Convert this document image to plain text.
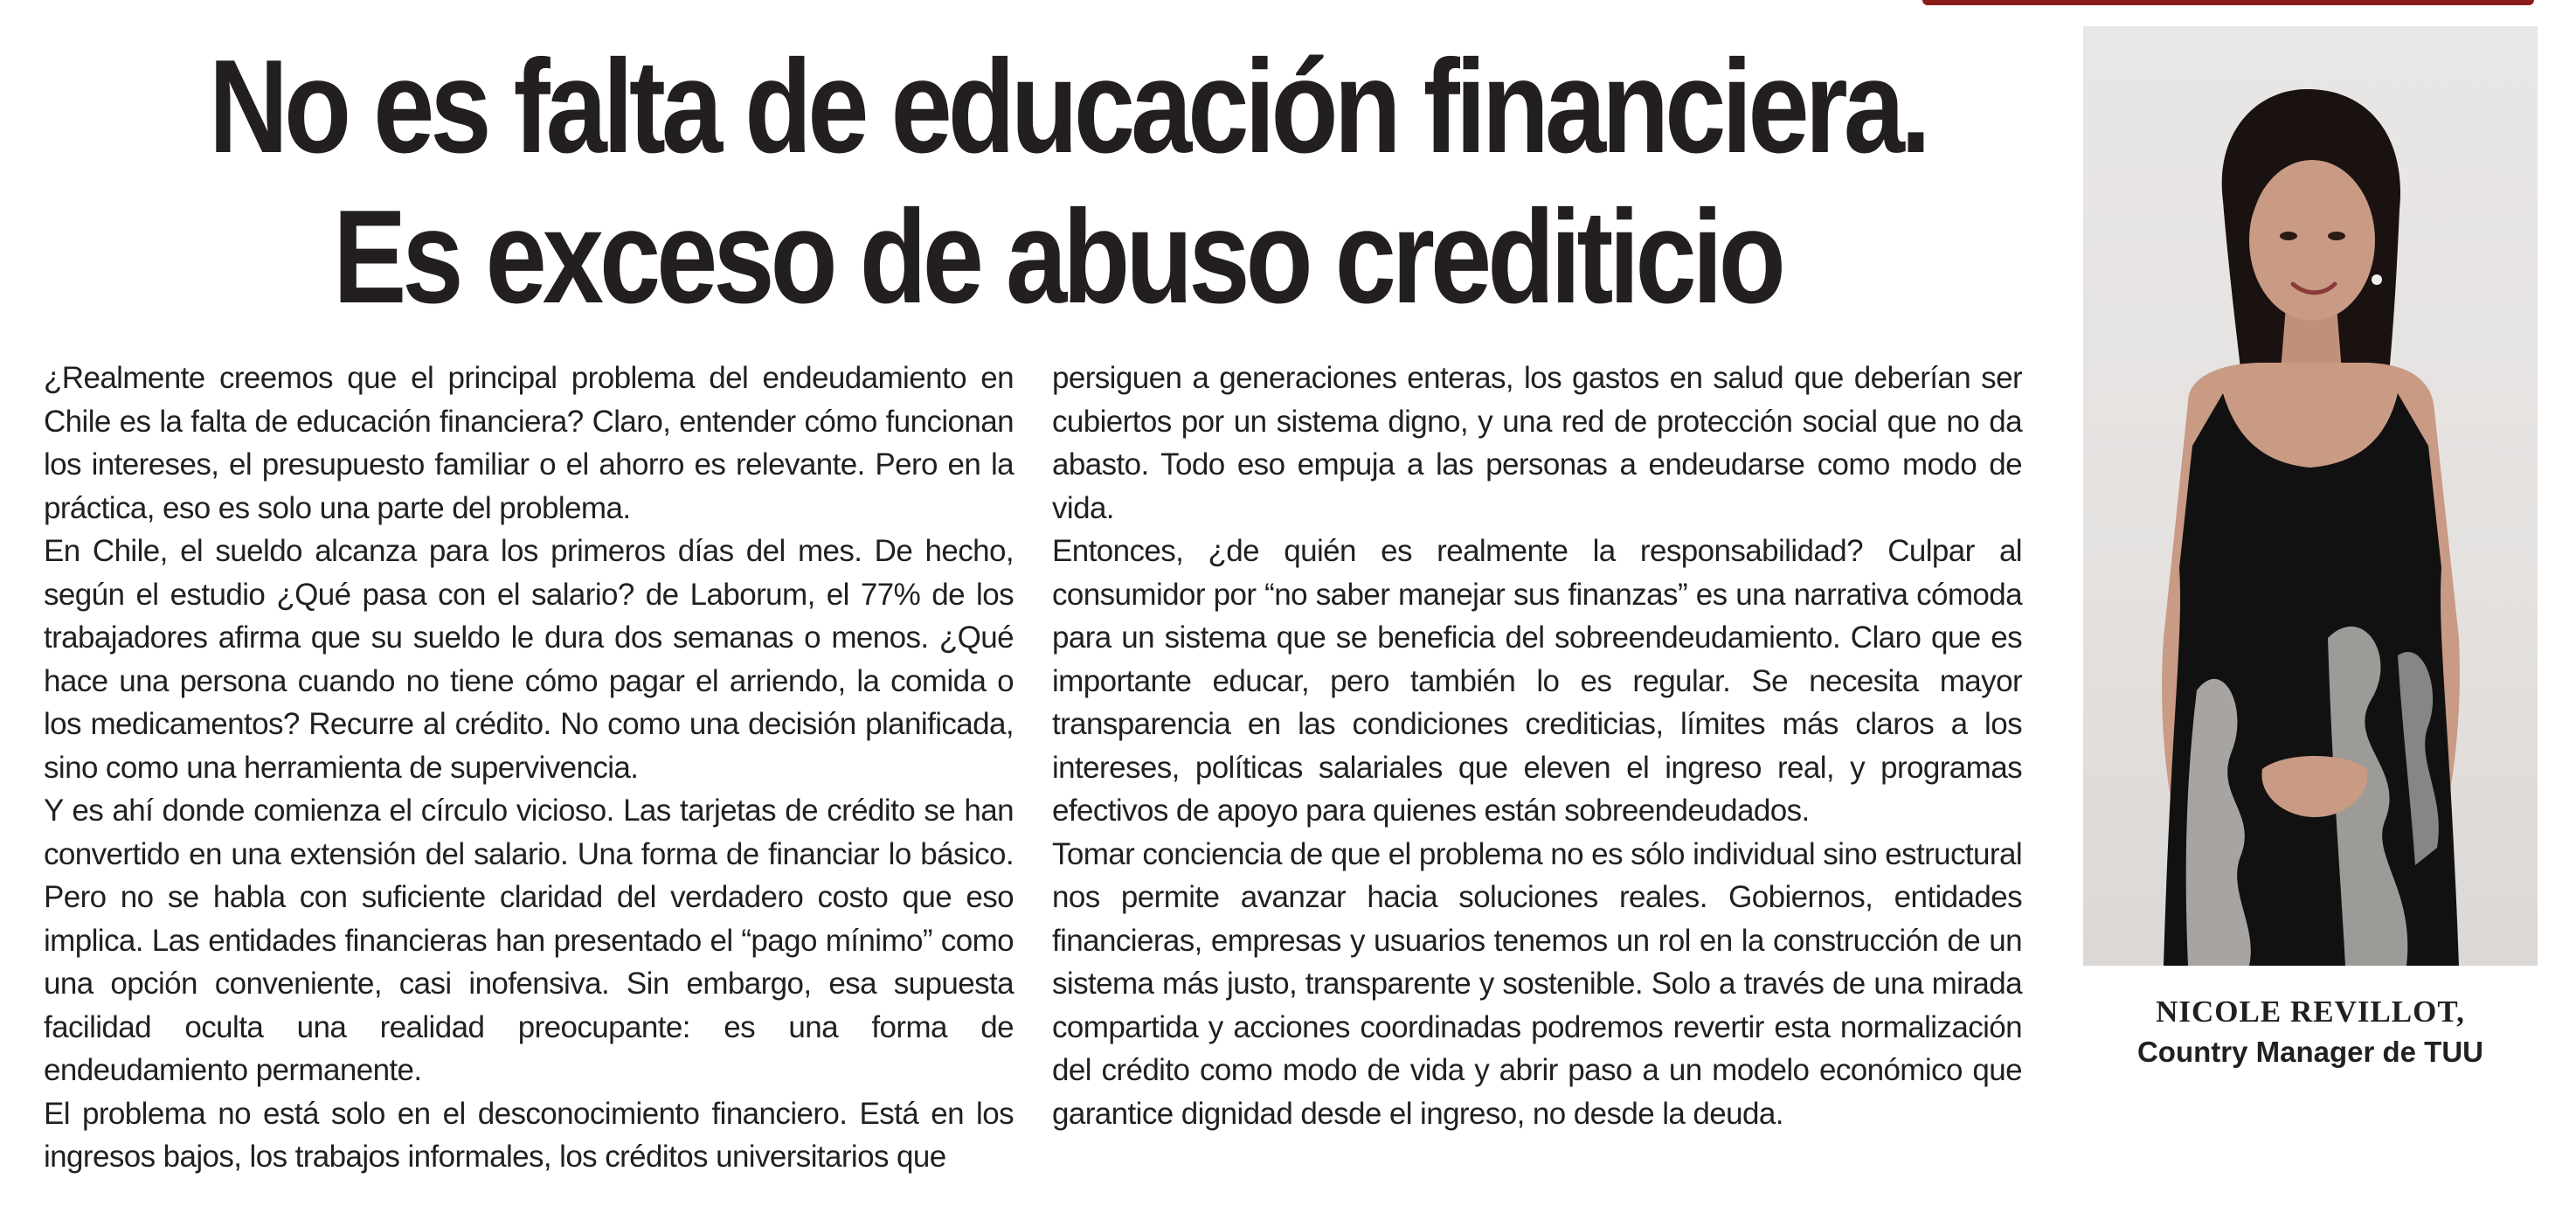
No es falta de educación financiera.
Es exceso de abuso crediticio

¿Realmente creemos que el principal problema del endeudamiento en Chile es la falta de educación financiera? Claro, entender cómo funcionan los intereses, el presupuesto familiar o el ahorro es relevante. Pero en la práctica, eso es solo una parte del problema.

En Chile, el sueldo alcanza para los primeros días del mes. De hecho, según el estudio ¿Qué pasa con el salario? de Laborum, el 77% de los trabajadores afirma que su sueldo le dura dos semanas o menos. ¿Qué hace una persona cuando no tiene cómo pagar el arriendo, la comida o los medicamentos? Recurre al crédito. No como una decisión planificada, sino como una herramienta de supervivencia.

Y es ahí donde comienza el círculo vicioso. Las tarjetas de crédito se han convertido en una extensión del salario. Una forma de financiar lo básico. Pero no se habla con suficiente claridad del verdadero costo que eso implica. Las entidades financieras han presentado el “pago mínimo” como una opción conveniente, casi inofensiva. Sin embargo, esa supuesta facilidad oculta una realidad preocupante: es una forma de endeudamiento permanente.

El problema no está solo en el desconocimiento financiero. Está en los ingresos bajos, los trabajos informales, los créditos universitarios que

persiguen a generaciones enteras, los gastos en salud que deberían ser cubiertos por un sistema digno, y una red de protección social que no da abasto. Todo eso empuja a las personas a endeudarse como modo de vida.

Entonces, ¿de quién es realmente la responsabilidad? Culpar al consumidor por “no saber manejar sus finanzas” es una narrativa cómoda para un sistema que se beneficia del sobreendeudamiento. Claro que es importante educar, pero también lo es regular. Se necesita mayor transparencia en las condiciones crediticias, límites más claros a los intereses, políticas salariales que eleven el ingreso real, y programas efectivos de apoyo para quienes están sobreendeudados.

Tomar conciencia de que el problema no es sólo individual sino estructural nos permite avanzar hacia soluciones reales. Gobiernos, entidades financieras, empresas y usuarios tenemos un rol en la construcción de un sistema más justo, transparente y sostenible. Solo a través de una mirada compartida y acciones coordinadas podremos revertir esta normalización del crédito como modo de vida y abrir paso a un modelo económico que garantice dignidad desde el ingreso, no desde la deuda.

NICOLE REVILLOT,
Country Manager de TUU
